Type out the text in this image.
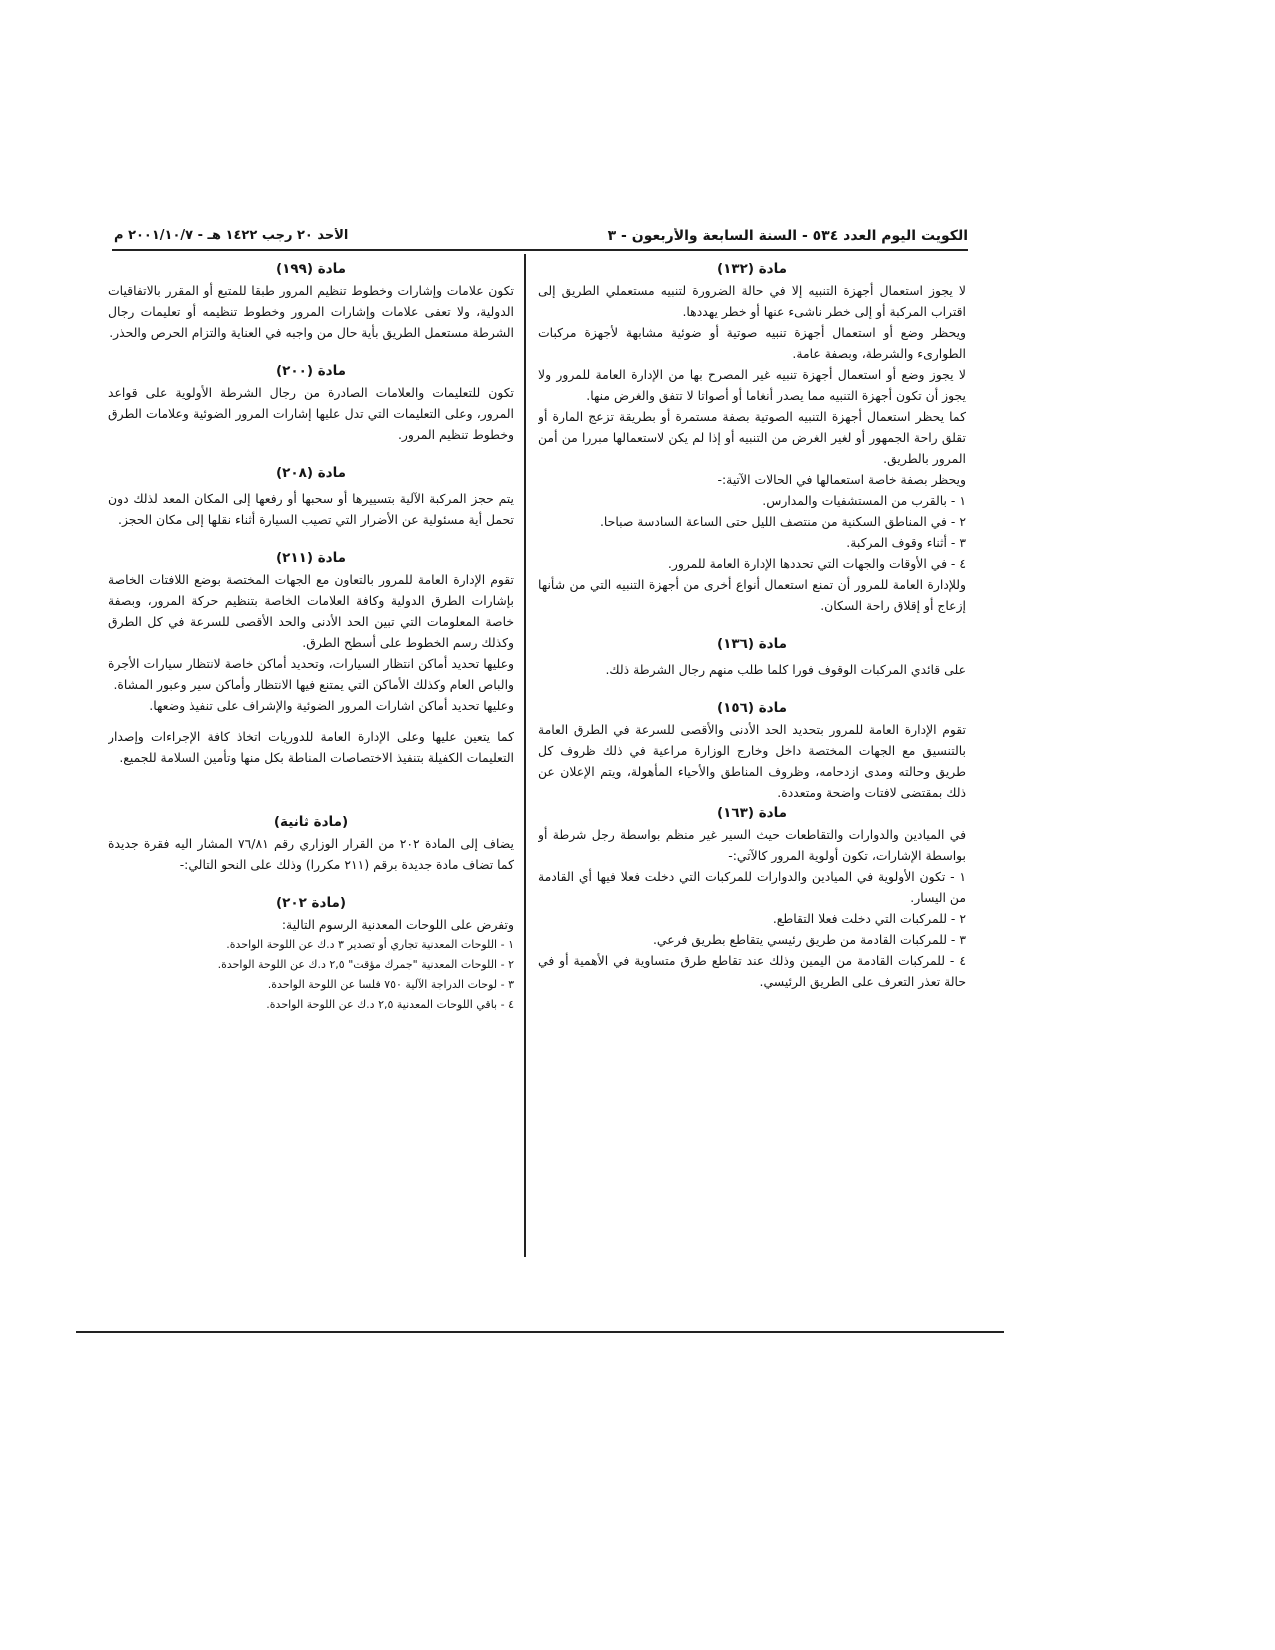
الكويت اليوم العدد ٥٣٤ - السنة السابعة والأربعون - ٣
الأحد ٢٠ رجب ١٤٢٢ هـ - ٢٠٠١/١٠/٧ م

مادة (١٣٢)

لا يجوز استعمال أجهزة التنبيه إلا في حالة الضرورة لتنبيه مستعملي الطريق إلى اقتراب المركبة أو إلى خطر ناشىء عنها أو خطر يهددها.

ويحظر وضع أو استعمال أجهزة تنبيه صوتية أو ضوئية مشابهة لأجهزة مركبات الطوارىء والشرطة، وبصفة عامة.

لا يجوز وضع أو استعمال أجهزة تنبيه غير المصرح بها من الإدارة العامة للمرور ولا يجوز أن تكون أجهزة التنبيه مما يصدر أنغاما أو أصواتا لا تتفق والغرض منها.

كما يحظر استعمال أجهزة التنبيه الصوتية بصفة مستمرة أو بطريقة تزعج المارة أو تقلق راحة الجمهور أو لغير الغرض من التنبيه أو إذا لم يكن لاستعمالها مبررا من أمن المرور بالطريق.

ويحظر بصفة خاصة استعمالها في الحالات الآتية:-

١ - بالقرب من المستشفيات والمدارس.
٢ - في المناطق السكنية من منتصف الليل حتى الساعة السادسة صباحا.
٣ - أثناء وقوف المركبة.
٤ - في الأوقات والجهات التي تحددها الإدارة العامة للمرور.

وللإدارة العامة للمرور أن تمنع استعمال أنواع أخرى من أجهزة التنبيه التي من شأنها إزعاج أو إقلاق راحة السكان.

مادة (١٣٦)

على قائدي المركبات الوقوف فورا كلما طلب منهم رجال الشرطة ذلك.

مادة (١٥٦)

تقوم الإدارة العامة للمرور بتحديد الحد الأدنى والأقصى للسرعة في الطرق العامة بالتنسيق مع الجهات المختصة داخل وخارج الوزارة مراعية في ذلك ظروف كل طريق وحالته ومدى ازدحامه، وظروف المناطق والأحياء المأهولة، ويتم الإعلان عن ذلك بمقتضى لافتات واضحة ومتعددة.

مادة (١٦٣)

في الميادين والدوارات والتقاطعات حيث السير غير منظم بواسطة رجل شرطة أو بواسطة الإشارات، تكون أولوية المرور كالآتي:-

١ - تكون الأولوية في الميادين والدوارات للمركبات التي دخلت فعلا فيها أي القادمة من اليسار.
٢ - للمركبات التي دخلت فعلا التقاطع.
٣ - للمركبات القادمة من طريق رئيسي يتقاطع بطريق فرعي.
٤ - للمركبات القادمة من اليمين وذلك عند تقاطع طرق متساوية في الأهمية أو في حالة تعذر التعرف على الطريق الرئيسي.

مادة (١٩٩)

تكون علامات وإشارات وخطوط تنظيم المرور طبقا للمتبع أو المقرر بالاتفاقيات الدولية، ولا تعفى علامات وإشارات المرور وخطوط تنظيمه أو تعليمات رجال الشرطة مستعمل الطريق بأية حال من واجبه في العناية والتزام الحرص والحذر.

مادة (٢٠٠)

تكون للتعليمات والعلامات الصادرة من رجال الشرطة الأولوية على قواعد المرور، وعلى التعليمات التي تدل عليها إشارات المرور الضوئية وعلامات الطرق وخطوط تنظيم المرور.

مادة (٢٠٨)

يتم حجز المركبة الآلية بتسييرها أو سحبها أو رفعها إلى المكان المعد لذلك دون تحمل أية مسئولية عن الأضرار التي تصيب السيارة أثناء نقلها إلى مكان الحجز.

مادة (٢١١)

تقوم الإدارة العامة للمرور بالتعاون مع الجهات المختصة بوضع اللافتات الخاصة بإشارات الطرق الدولية وكافة العلامات الخاصة بتنظيم حركة المرور، وبصفة خاصة المعلومات التي تبين الحد الأدنى والحد الأقصى للسرعة في كل الطرق وكذلك رسم الخطوط على أسطح الطرق.

وعليها تحديد أماكن انتظار السيارات، وتحديد أماكن خاصة لانتظار سيارات الأجرة والباص العام وكذلك الأماكن التي يمتنع فيها الانتظار وأماكن سير وعبور المشاة.

وعليها تحديد أماكن اشارات المرور الضوئية والإشراف على تنفيذ وضعها.

كما يتعين عليها وعلى الإدارة العامة للدوريات اتخاذ كافة الإجراءات وإصدار التعليمات الكفيلة بتنفيذ الاختصاصات المناطة بكل منها وتأمين السلامة للجميع.

(مادة ثانية)

يضاف إلى المادة ٢٠٢ من القرار الوزاري رقم ٧٦/٨١ المشار اليه فقرة جديدة كما تضاف مادة جديدة برقم (٢١١ مكررا) وذلك على النحو التالي:-

(مادة ٢٠٢)

وتفرض على اللوحات المعدنية الرسوم التالية:

١ - اللوحات المعدنية تجاري أو تصدير ٣ د.ك عن اللوحة الواحدة.
٢ - اللوحات المعدنية "جمرك مؤقت" ٢,٥ د.ك عن اللوحة الواحدة.
٣ - لوحات الدراجة الآلية ٧٥٠ فلسا عن اللوحة الواحدة.
٤ - باقي اللوحات المعدنية ٢,٥ د.ك عن اللوحة الواحدة.
